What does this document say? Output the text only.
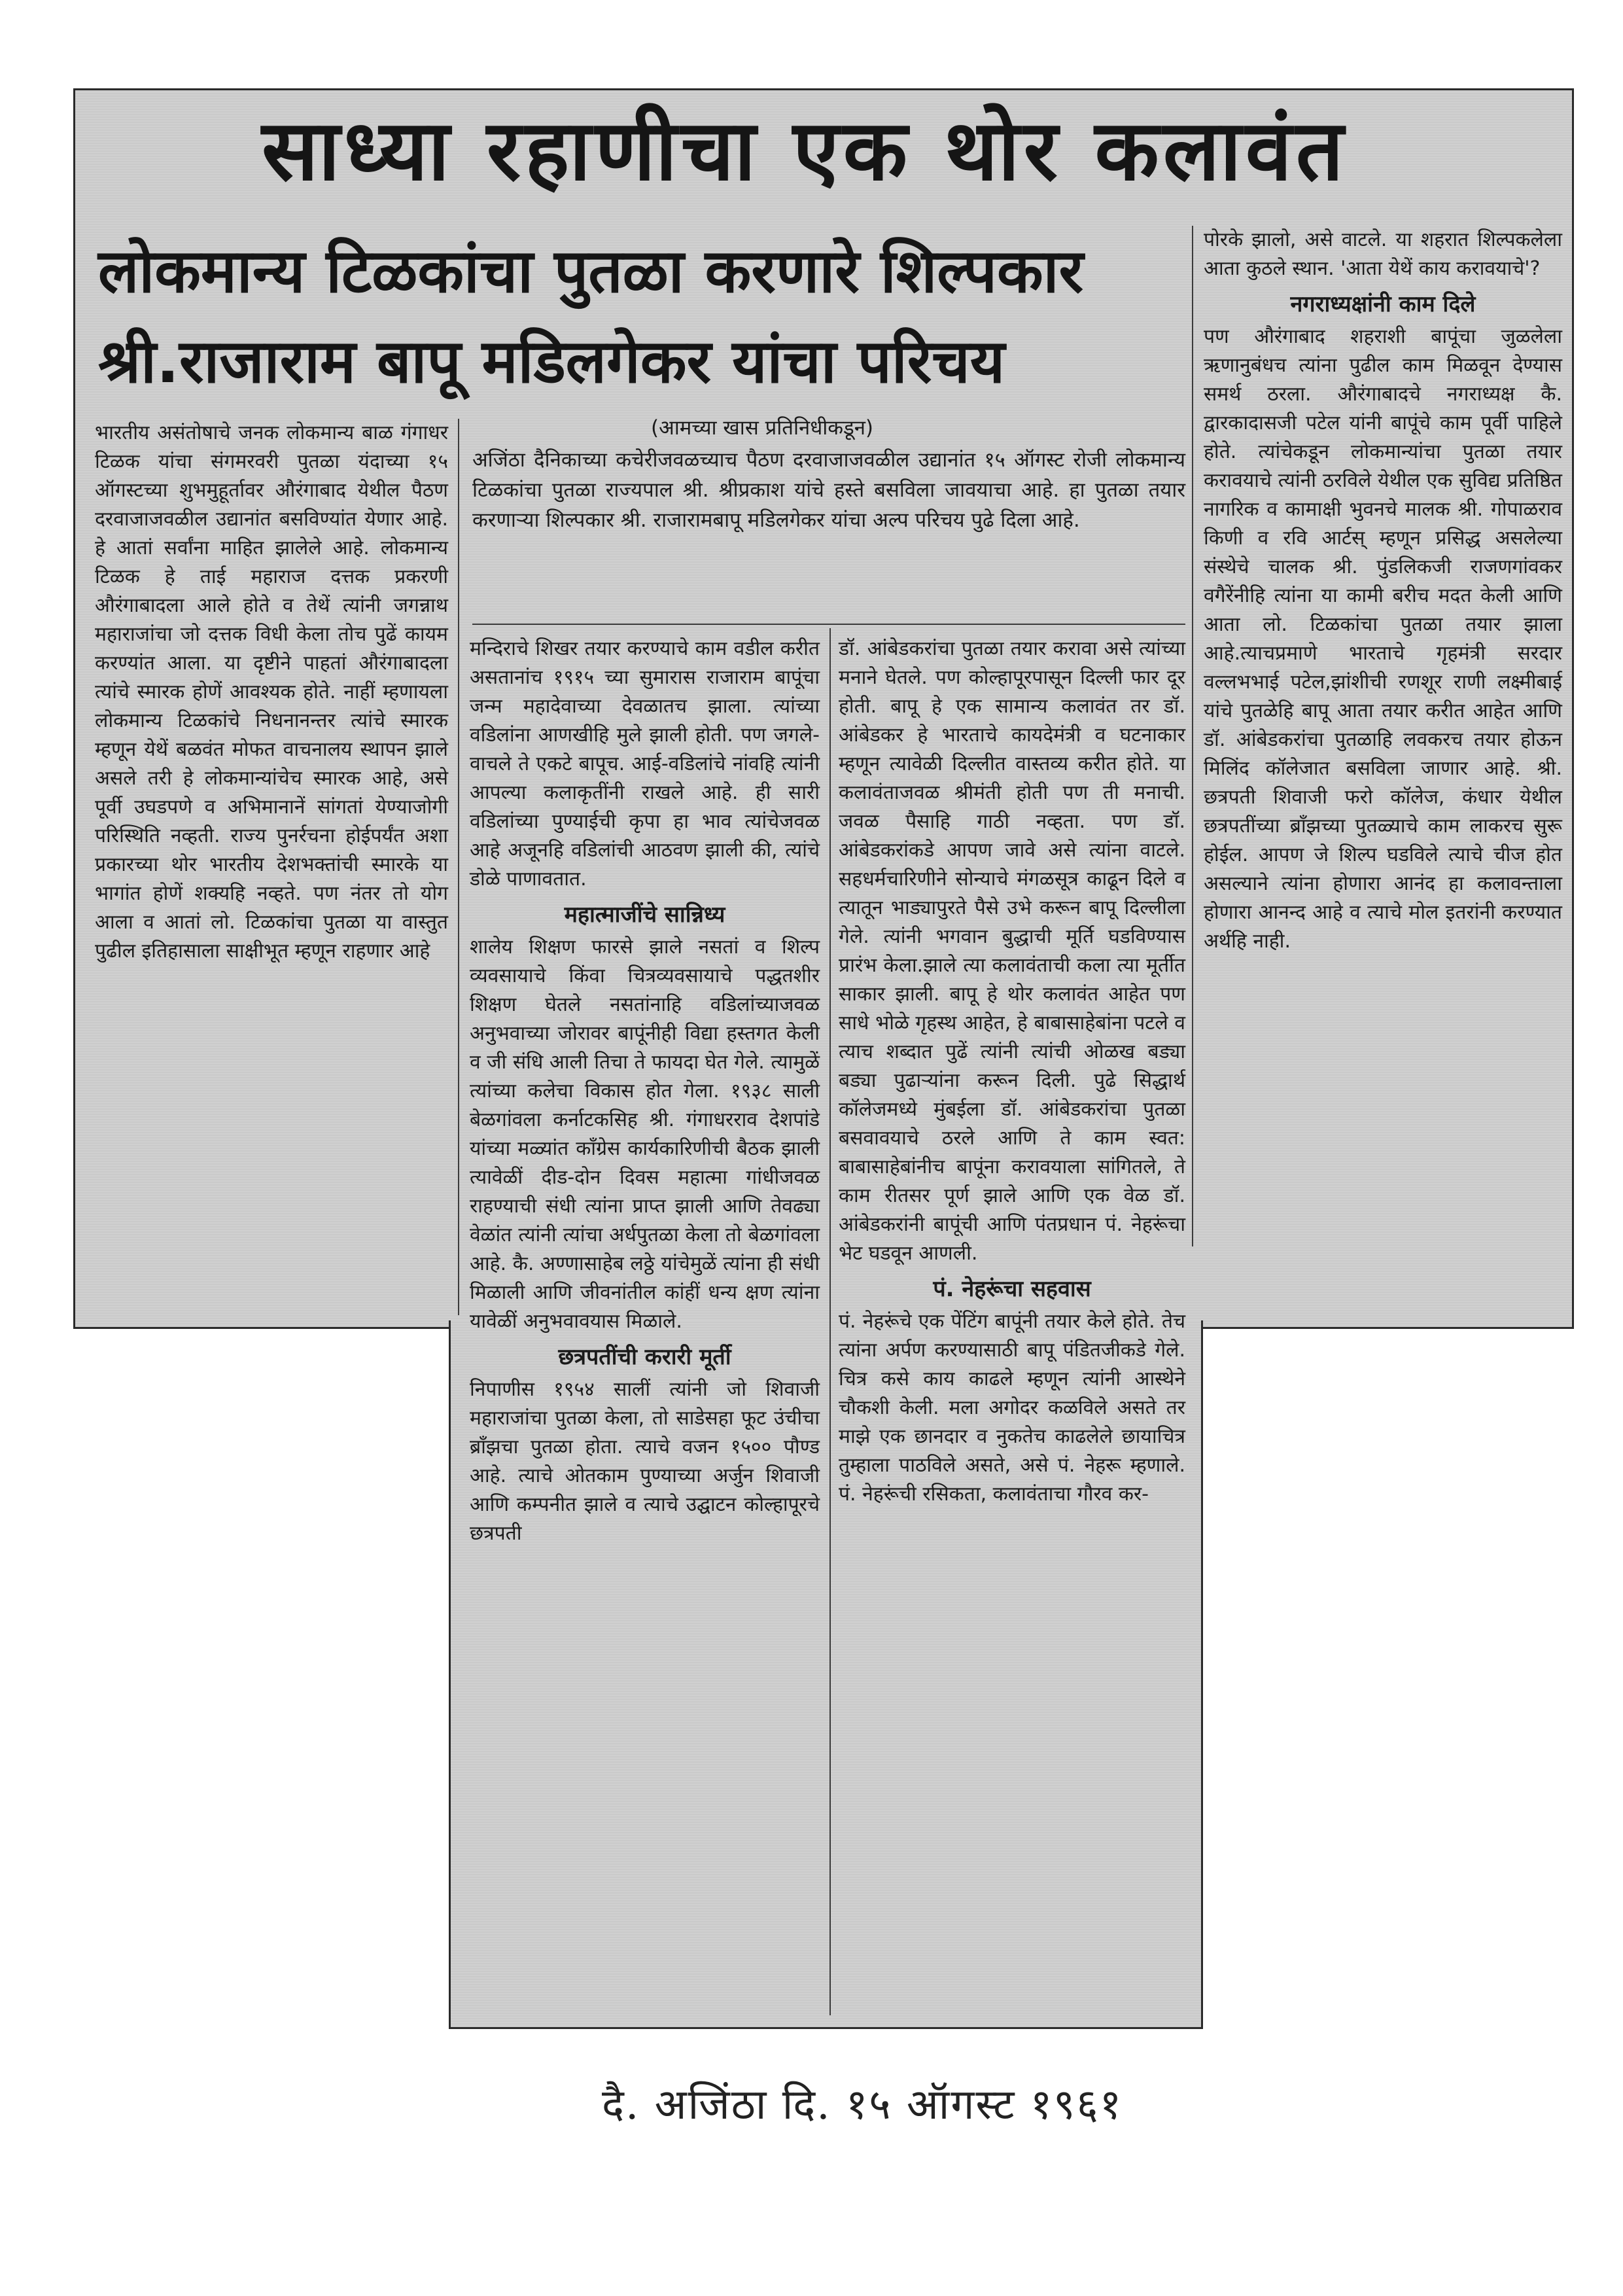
साध्या रहाणीचा एक थोर कलावंत
लोकमान्य टिळकांचा पुतळा करणारे शिल्पकार
श्री.राजाराम बापू मडिलगेकर यांचा परिचय
(आमच्या खास प्रतिनिधीकडून)
अजिंठा दैनिकाच्या कचेरीजवळच्याच पैठण दरवाजाजवळील उद्यानांत १५ ऑगस्ट रोजी लोकमान्य टिळकांचा पुतळा राज्यपाल श्री. श्रीप्रकाश यांचे हस्ते बसविला जावयाचा आहे. हा पुतळा तयार करणाऱ्या शिल्पकार श्री. राजारामबापू मडिलगेकर यांचा अल्प परिचय पुढे दिला आहे.

भारतीय असंतोषाचे जनक लोकमान्य बाळ गंगाधर टिळक यांचा संगमरवरी पुतळा यंदाच्या १५ ऑगस्टच्या शुभमुहूर्तावर औरंगाबाद येथील पैठण दरवाजाजवळील उद्यानांत बसविण्यांत येणार आहे. हे आतां सर्वांना माहित झालेले आहे. लोकमान्य टिळक हे ताई महाराज दत्तक प्रकरणी औरंगाबादला आले होते व तेथें त्यांनी जगन्नाथ महाराजांचा जो दत्तक विधी केला तोच पुढें कायम करण्यांत आला. या दृष्टीने पाहतां औरंगाबादला त्यांचे स्मारक होणें आवश्यक होते. नाहीं म्हणायला लोकमान्य टिळकांचे निधनानन्तर त्यांचे स्मारक म्हणून येथें बळवंत मोफत वाचनालय स्थापन झाले असले तरी हे लोकमान्यांचेच स्मारक आहे, असे पूर्वी उघडपणे व अभिमानानें सांगतां येण्याजोगी परिस्थिति नव्हती. राज्य पुनर्रचना होईपर्यंत अशा प्रकारच्या थोर भारतीय देशभक्तांची स्मारके या भागांत होणें शक्यहि नव्हते. पण नंतर तो योग आला व आतां लो. टिळकांचा पुतळा या वास्तुत पुढील इतिहासाला साक्षीभूत म्हणून राहणार आहे

मन्दिराचे शिखर तयार करण्याचे काम वडील करीत असतानांच १९१५ च्या सुमारास राजाराम बापूंचा जन्म महादेवाच्या देवळातच झाला. त्यांच्या वडिलांना आणखीहि मुले झाली होती. पण जगले-वाचले ते एकटे बापूच. आई-वडिलांचे नांवहि त्यांनी आपल्या कलाकृतींनी राखले आहे. ही सारी वडिलांच्या पुण्याईची कृपा हा भाव त्यांचेजवळ आहे अजूनहि वडिलांची आठवण झाली की, त्यांचे डोळे पाणावतात.

महात्माजींचे सान्निध्य

शालेय शिक्षण फारसे झाले नसतां व शिल्प व्यवसायाचे किंवा चित्रव्यवसायाचे पद्धतशीर शिक्षण घेतले नसतांनाहि वडिलांच्याजवळ अनुभवाच्या जोरावर बापूंनीही विद्या हस्तगत केली व जी संधि आली तिचा ते फायदा घेत गेले. त्यामुळें त्यांच्या कलेचा विकास होत गेला. १९३८ साली बेळगांवला कर्नाटकसिह श्री. गंगाधरराव देशपांडे यांच्या मळ्यांत कॉंग्रेस कार्यकारिणीची बैठक झाली त्यावेळीं दीड-दोन दिवस महात्मा गांधीजवळ राहण्याची संधी त्यांना प्राप्त झाली आणि तेवढ्या वेळांत त्यांनी त्यांचा अर्धपुतळा केला तो बेळगांवला आहे. कै. अण्णासाहेब लठ्ठे यांचेमुळें त्यांना ही संधी मिळाली आणि जीवनांतील कांहीं धन्य क्षण त्यांना यावेळीं अनुभवावयास मिळाले.

छत्रपतींची करारी मूर्ती

निपाणीस १९५४ सालीं त्यांनी जो शिवाजी महाराजांचा पुतळा केला, तो साडेसहा फूट उंचीचा ब्रॉंझचा पुतळा होता. त्याचे वजन १५०० पौण्ड आहे. त्याचे ओतकाम पुण्याच्या अर्जुन शिवाजी आणि कम्पनीत झाले व त्याचे उद्घाटन कोल्हापूरचे छत्रपती

डॉ. आंबेडकरांचा पुतळा तयार करावा असे त्यांच्या मनाने घेतले. पण कोल्हापूरपासून दिल्ली फार दूर होती. बापू हे एक सामान्य कलावंत तर डॉ. आंबेडकर हे भारताचे कायदेमंत्री व घटनाकार म्हणून त्यावेळी दिल्लीत वास्तव्य करीत होते. या कलावंताजवळ श्रीमंती होती पण ती मनाची. जवळ पैसाहि गाठी नव्हता. पण डॉ. आंबेडकरांकडे आपण जावे असे त्यांना वाटले. सहधर्मचारिणीने सोन्याचे मंगळसूत्र काढून दिले व त्यातून भाड्यापुरते पैसे उभे करून बापू दिल्लीला गेले. त्यांनी भगवान बुद्धाची मूर्ति घडविण्यास प्रारंभ केला.झाले त्या कलावंताची कला त्या मूर्तीत साकार झाली. बापू हे थोर कलावंत आहेत पण साधे भोळे गृहस्थ आहेत, हे बाबासाहेबांना पटले व त्याच शब्दात पुढें त्यांनी त्यांची ओळख बड्या बड्या पुढाऱ्यांना करून दिली. पुढे सिद्धार्थ कॉलेजमध्ये मुंबईला डॉ. आंबेडकरांचा पुतळा बसवावयाचे ठरले आणि ते काम स्वत: बाबासाहेबांनीच बापूंना करावयाला सांगितले, ते काम रीतसर पूर्ण झाले आणि एक वेळ डॉ. आंबेडकरांनी बापूंची आणि पंतप्रधान पं. नेहरूंचा भेट घडवून आणली.

पं. नेहरूंचा सहवास

पं. नेहरूंचे एक पेंटिंग बापूंनी तयार केले होते. तेच त्यांना अर्पण करण्यासाठी बापू पंडितजीकडे गेले. चित्र कसे काय काढले म्हणून त्यांनी आस्थेने चौकशी केली. मला अगोदर कळविले असते तर माझे एक छानदार व नुकतेच काढलेले छायाचित्र तुम्हाला पाठविले असते, असे पं. नेहरू म्हणाले. पं. नेहरूंची रसिकता, कलावंताचा गौरव कर-

पोरके झालो, असे वाटले. या शहरात शिल्पकलेला आता कुठले स्थान. 'आता येथें काय करावयाचे'?

नगराध्यक्षांनी काम दिले

पण औरंगाबाद शहराशी बापूंचा जुळलेला ऋणानुबंधच त्यांना पुढील काम मिळवून देण्यास समर्थ ठरला. औरंगाबादचे नगराध्यक्ष कै. द्वारकादासजी पटेल यांनी बापूंचे काम पूर्वी पाहिले होते. त्यांचेकडून लोकमान्यांचा पुतळा तयार करावयाचे त्यांनी ठरविले येथील एक सुविद्य प्रतिष्ठित नागरिक व कामाक्षी भुवनचे मालक श्री. गोपाळराव किणी व रवि आर्टस् म्हणून प्रसिद्ध असलेल्या संस्थेचे चालक श्री. पुंडलिकजी राजणगांवकर वगैरेंनीहि त्यांना या कामी बरीच मदत केली आणि आता लो. टिळकांचा पुतळा तयार झाला आहे.त्याचप्रमाणे भारताचे गृहमंत्री सरदार वल्लभभाई पटेल,झांशीची रणशूर राणी लक्ष्मीबाई यांचे पुतळेहि बापू आता तयार करीत आहेत आणि डॉ. आंबेडकरांचा पुतळाहि लवकरच तयार होऊन मिलिंद कॉलेजात बसविला जाणार आहे. श्री. छत्रपती शिवाजी फरो कॉलेज, कंधार येथील छत्रपतींच्या ब्रॉंझच्या पुतळ्याचे काम लाकरच सुरू होईल. आपण जे शिल्प घडविले त्याचे चीज होत असल्याने त्यांना होणारा आनंद हा कलावन्ताला होणारा आनन्द आहे व त्याचे मोल इतरांनी करण्यात अर्थहि नाही.

दै. अजिंठा दि. १५ ऑगस्ट १९६१
